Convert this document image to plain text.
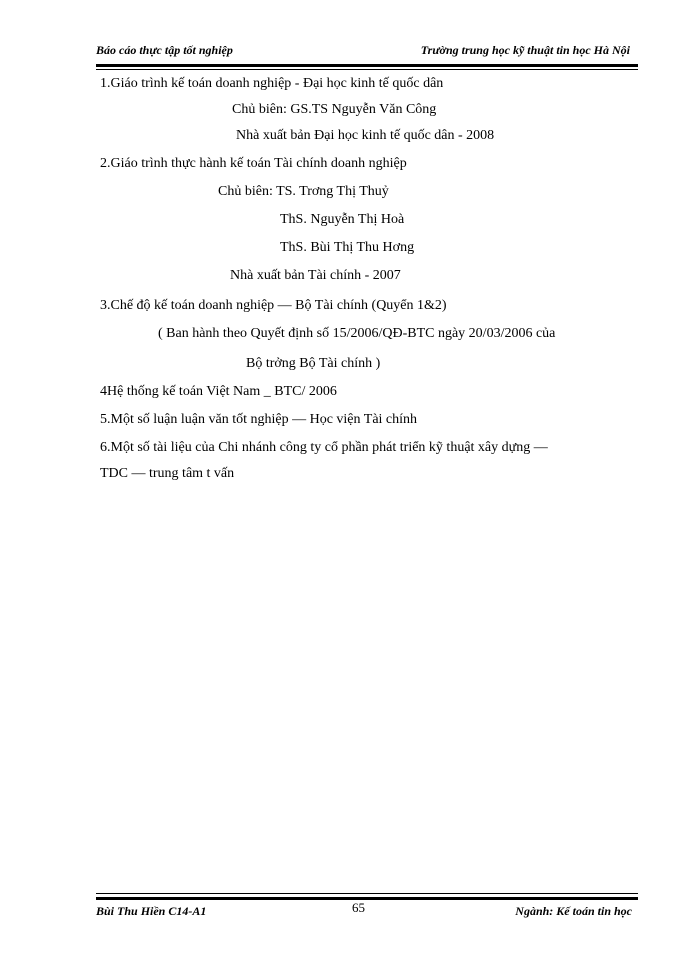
Báo cáo thực tập tốt nghiệp	Trường trung học kỹ thuật tin học Hà Nội
1.Giáo trình kế toán doanh nghiệp - Đại học kinh tế quốc dân
Chủ biên: GS.TS Nguyễn Văn Công
Nhà xuất bản Đại học kinh tế quốc dân - 2008
2.Giáo trình thực hành kế toán Tài chính doanh nghiệp
Chủ biên: TS. Trơng Thị Thuỷ
ThS. Nguyễn Thị Hoà
ThS. Bùi Thị Thu Hơng
Nhà xuất bản Tài chính - 2007
3.Chế độ kế toán doanh nghiệp — Bộ Tài chính (Quyển 1&2)
( Ban hành theo Quyết định số 15/2006/QĐ-BTC ngày 20/03/2006 của
Bộ trởng Bộ Tài chính )
4Hệ thống kế toán Việt Nam _ BTC/ 2006
5.Một số luận luận văn tốt nghiệp — Học viện Tài chính
6.Một số tài liệu của Chi nhánh công ty cổ phần phát triển kỹ thuật xây dựng —
TDC — trung tâm t vấn
Bùi Thu Hiền C14-A1	65	Ngành: Kế toán tin học
